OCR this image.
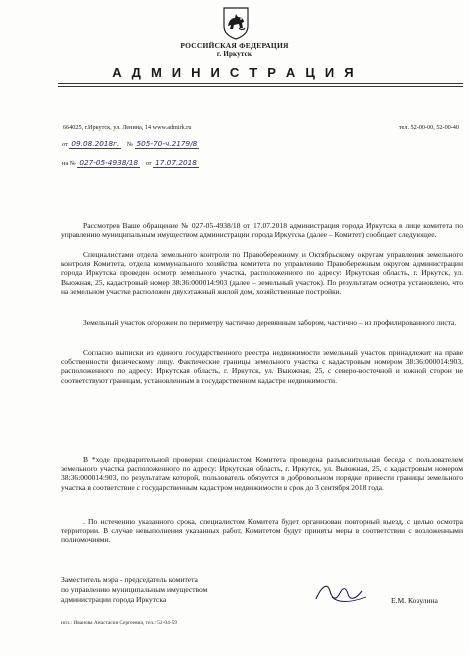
РОССИЙСКАЯ ФЕДЕРАЦИЯ
г. Иркутск
А Д М И Н И С Т Р А Ц И Я
664025, г.Иркутск, ул. Ленина, 14 www.admirk.ru	тел. 52-00-00, 52-00-40
от 09.08.2018г. № 505-70-ч.2179/8
на № 027-05-4938/18 от 17.07.2018
Рассмотрев Ваше обращение № 027-05-4938/18 от 17.07.2018 администрация города Иркутска в лице комитета по управлению муниципальным имуществом администрации города Иркутска (далее – Комитет) сообщает следующее.
Специалистами отдела земельного контроля по Правобережному и Октябрьскому округам управления земельного контроля Комитета, отдела коммунального хозяйства комитета по управлению Правобережным округом администрации города Иркутска проведен осмотр земельного участка, расположенного по адресу: Иркутская область, г. Иркутск, ул. Выожная, 25, кадастровый номер 38:36:000014:903 (далее – земельный участок). По результатам осмотра установлено, что на земельном участке расположен двухэтажный жилой дом, хозяйственные постройки.
Земельный участок огорожен по периметру частично деревянным забором, частично – из профилированного листа.
Согласно выписки из единого государственного реестра недвижимости земельный участок принадлежит на праве собственности физическому лицу. Фактические границы земельного участка с кадастровым номером 38:36:000014:903, расположенного по адресу: Иркутская область, г. Иркутск, ул. Выюжная, 25, с северо-восточной и южной сторон не соответствуют границам, установленным в государственном кадастре недвижимости.
В *ходе предварительной проверки специалистом Комитета проведена разъяснительная беседа с пользователем земельного участка расположенного по адресу: Иркутская область, г. Иркутск, ул. Выюжная, 25, с кадастровым номером 38:36:000014:903, по результатам которой, пользователь обязуется в добровольном порядке привести границы земельного участка в соответствие с государственным кадастром недвижимости в срок до 3 сентября 2018 года.
. По истечению указанного срока, специалистом Комитета будет организован повторный выезд, с целью осмотра территории. В случае невыполнения указанных работ, Комитетом будут приняты меры в соответствии с возложенными полномочиями.
Заместитель мэра - председатель комитета
по управлению муниципальным имуществом
администрации города Иркутска	Е.М. Козулина
исп.: Иванова Анастасия Сергеевна, тел.: 52-04-59
